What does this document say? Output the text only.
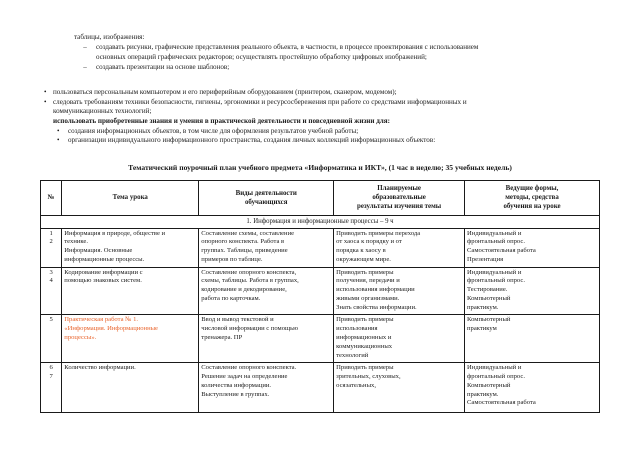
таблицы, изображения:
–	создавать рисунки, графические представления реального объекта, в частности, в процессе проектирования с использованием
основных операций графических редакторов; осуществлять простейшую обработку цифровых изображений;
–	создавать презентации на основе шаблонов;
• пользоваться персональным компьютером и его периферийным оборудованием (принтером, сканером, модемом);
• следовать требованиям техники безопасности, гигиены, эргономики и ресурсосбережения при работе со средствами информационных и
коммуникационных технологий;
использовать приобретенные знания и умения в практической деятельности и повседневной жизни для:
•	создания информационных объектов, в том числе для оформления результатов учебной работы;
•	организации индивидуального информационного пространства, создания личных коллекций информационных объектов:
Тематический поурочный план учебного предмета «Информатика и ИКТ», (1 час в неделю; 35 учебных недель)
№	Тема урока	Виды деятельности
обучающихся	Планируемые
образовательные
результаты изучения темы	Ведущие формы,
методы, средства
обучения на уроке

1. Информация и информационные процессы – 9 ч				

1
2	Информация в природе, обществе и
технике.
Информация. Основные
информационные процессы.	Составление схемы, составление
опорного конспекта. Работа в
группах. Таблицы, приведение
примеров по таблице.	Приводить примеры перехода
от хаоса к порядку и от
порядка к хаосу в
окружающем мире.	Индивидуальный и
фронтальный опрос.
Самостоятельная работа
Презентация

3
4	Кодирование информации с
помощью знаковых систем.	Составление опорного конспекта,
схемы, таблицы. Работа в группах,
кодирование и декодирование,
работа по карточкам.	Приводить примеры
получения, передачи и
использования информации
живыми организмами.
Знать свойства информации.	Индивидуальный и
фронтальный опрос.
Тестирование.
Компьютерный
практикум.

5	Практическая работа № 1.
«Информация. Информационные
процессы».	Ввод и вывод текстовой и
числовой информации с помощью
тренажера. ПР	Приводить примеры
использования
информационных и
коммуникационных
технологий	Компьютерный
практикум

6
7	Количество информации.	Составление опорного конспекта.
Решение задач на определение
количества информации.
Выступление в группах.	Приводить примеры
зрительных, слуховых,
осязательных,	Индивидуальный и
фронтальный опрос.
Компьютерный
практикум.
Самостоятельная работа
